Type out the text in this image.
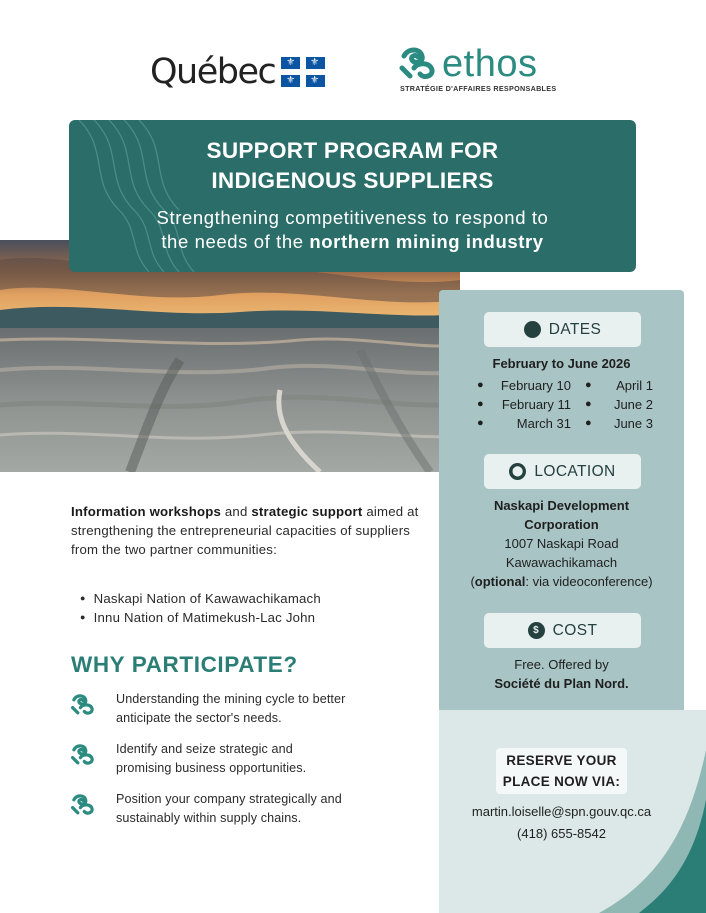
Québec ⚜ ⚜
⚜ ⚜	ethos
STRATÉGIE D'AFFAIRES RESPONSABLES
SUPPORT PROGRAM FOR
INDIGENOUS SUPPLIERS
Strengthening competitiveness to respond to
the needs of the northern mining industry
DATES
February to June 2026
● February 10 ● April 1
● February 11 ● June 2
●	March 31 ● June 3
⬤ LOCATION
Naskapi Development
Corporation
1007 Naskapi Road
Kawawachikamach
(optional: via videoconference)
$ COST
Free. Offered by
Société du Plan Nord.
RESERVE YOUR
PLACE NOW VIA:
martin.loiselle@spn.gouv.qc.ca
(418) 655-8542
Information workshops and strategic support aimed at strengthening the entrepreneurial capacities of suppliers from the two partner communities:
● Naskapi Nation of Kawawachikamach
● Innu Nation of Matimekush-Lac John
WHY PARTICIPATE?
Understanding the mining cycle to better
anticipate the sector's needs.
Identify and seize strategic and
promising business opportunities.
Position your company strategically and
sustainably within supply chains.
